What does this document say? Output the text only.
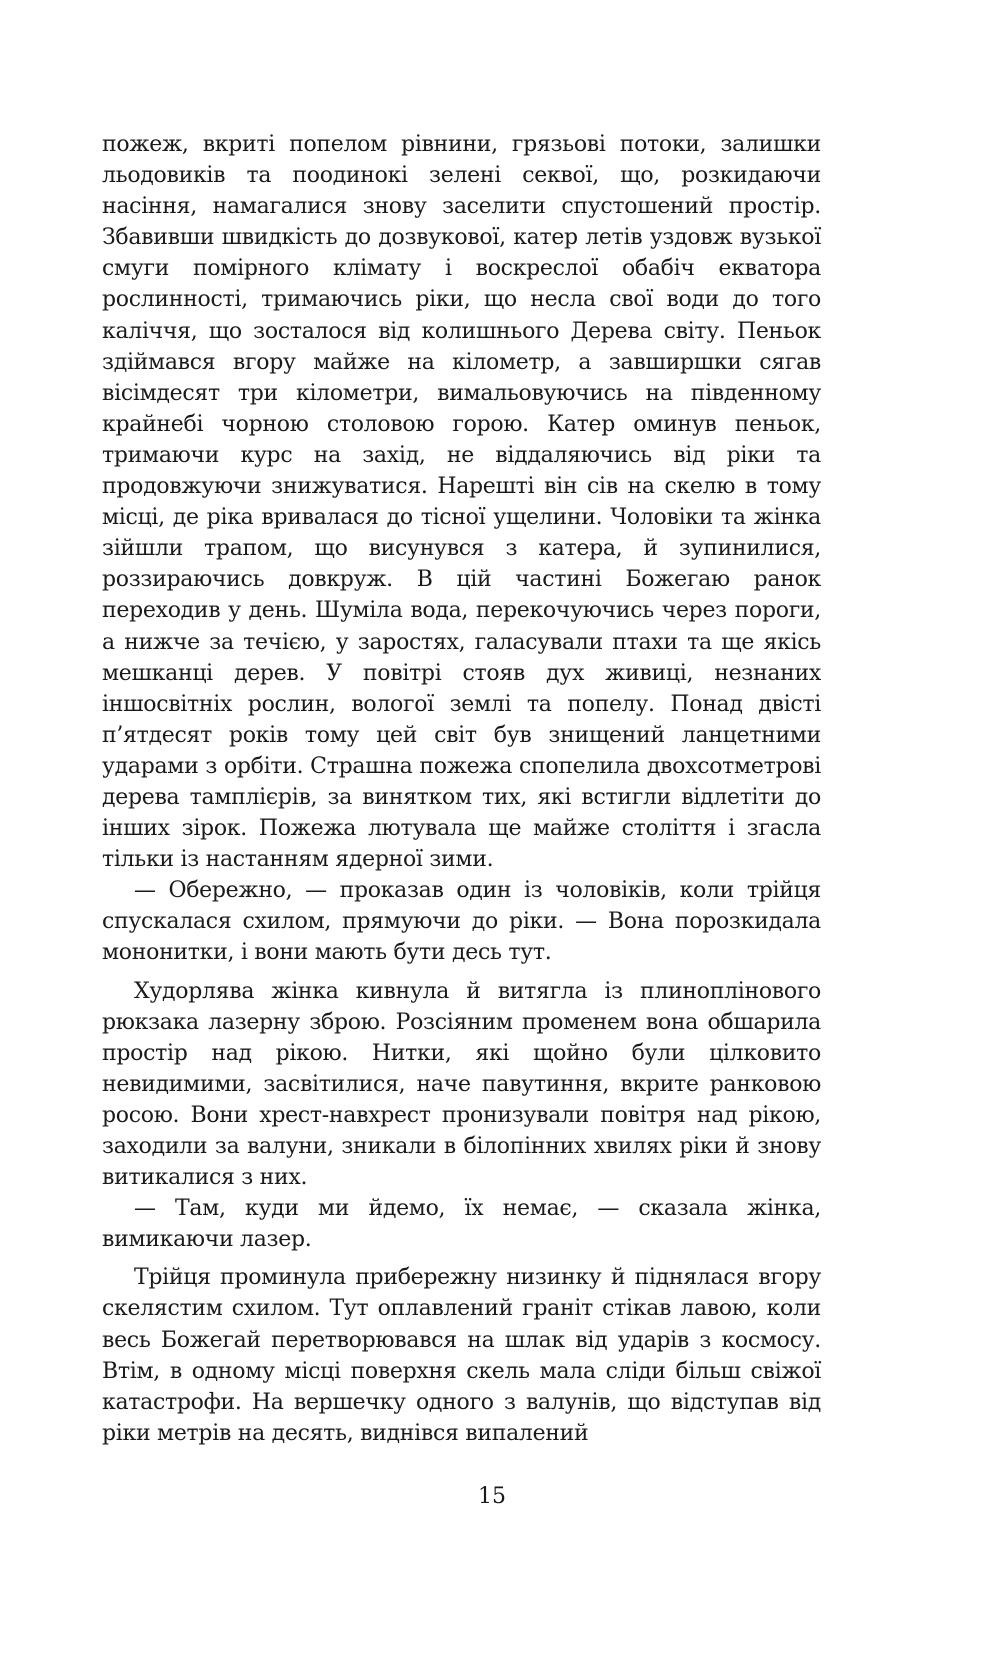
пожеж, вкриті попелом рівнини, грязьові потоки, залишки льодовиків та поодинокі зелені секвої, що, розкидаючи насіння, намагалися знову заселити спустошений простір. Збавивши швидкість до дозвукової, катер летів уздовж вузької смуги помірного клімату і воскреслої обабіч екватора рослинності, тримаючись ріки, що несла свої води до того каліччя, що зосталося від колишнього Дерева світу. Пеньок здіймався вгору майже на кілометр, а завширшки сягав вісімдесят три кілометри, вимальовуючись на південному крайнебі чорною столовою горою. Катер оминув пеньок, тримаючи курс на захід, не віддаляючись від ріки та продовжуючи знижуватися. Нарешті він сів на скелю в тому місці, де ріка вривалася до тісної ущелини. Чоловіки та жінка зійшли трапом, що висунувся з катера, й зупинилися, роззираючись довкруж. В цій частині Божегаю ранок переходив у день. Шуміла вода, перекочуючись через пороги, а нижче за течією, у заростях, галасували птахи та ще якісь мешканці дерев. У повітрі стояв дух живиці, незнаних іншосвітніх рослин, вологої землі та попелу. Понад двісті п’ятдесят років тому цей світ був знищений ланцетними ударами з орбіти. Страшна пожежа спопелила двохсотметрові дерева тамплієрів, за винятком тих, які встигли відлетіти до інших зірок. Пожежа лютувала ще майже століття і згасла тільки із настанням ядерної зими.

— Обережно, — проказав один із чоловіків, коли трійця спускалася схилом, прямуючи до ріки. — Вона порозкидала мононитки, і вони мають бути десь тут.

Худорлява жінка кивнула й витягла із плиноплінового рюкзака лазерну зброю. Розсіяним променем вона обшарила простір над рікою. Нитки, які щойно були цілковито невидимими, засвітилися, наче павутиння, вкрите ранковою росою. Вони хрест-навхрест пронизували повітря над рікою, заходили за валуни, зникали в білопінних хвилях ріки й знову витикалися з них.

— Там, куди ми йдемо, їх немає, — сказала жінка, вимикаючи лазер.

Трійця проминула прибережну низинку й піднялася вгору скелястим схилом. Тут оплавлений граніт стікав лавою, коли весь Божегай перетворювався на шлак від ударів з космосу. Втім, в одному місці поверхня скель мала сліди більш свіжої катастрофи. На вершечку одного з валунів, що відступав від ріки метрів на десять, виднівся випалений

15
